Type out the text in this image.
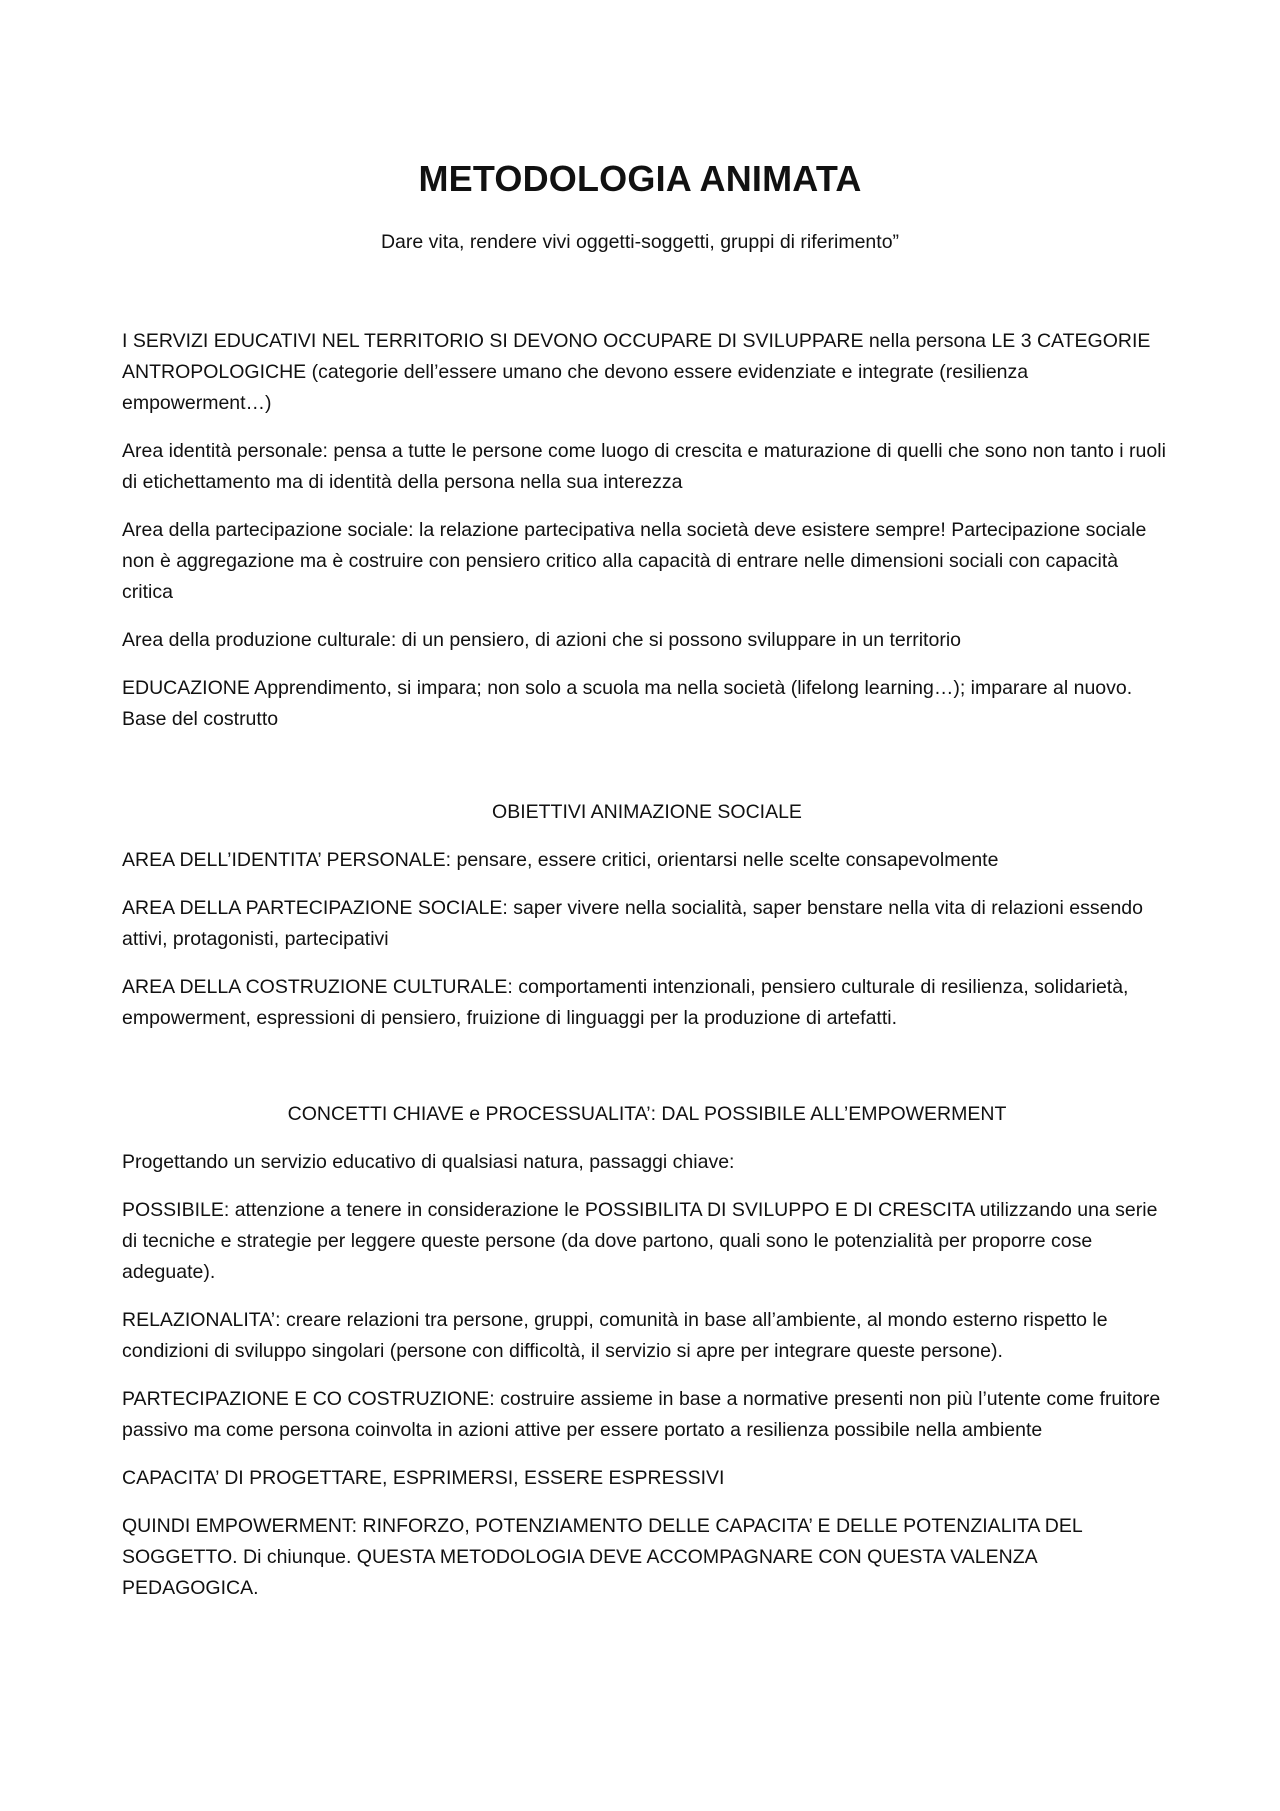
METODOLOGIA ANIMATA

Dare vita, rendere vivi oggetti-soggetti, gruppi di riferimento”

I SERVIZI EDUCATIVI NEL TERRITORIO SI DEVONO OCCUPARE DI SVILUPPARE nella persona LE 3 CATEGORIE ANTROPOLOGICHE (categorie dell’essere umano che devono essere evidenziate e integrate (resilienza empowerment…)

Area identità personale: pensa a tutte le persone come luogo di crescita e maturazione di quelli che sono non tanto i ruoli di etichettamento ma di identità della persona nella sua interezza

Area della partecipazione sociale: la relazione partecipativa nella società deve esistere sempre! Partecipazione sociale non è aggregazione ma è costruire con pensiero critico alla capacità di entrare nelle dimensioni sociali con capacità critica

Area della produzione culturale: di un pensiero, di azioni che si possono sviluppare in un territorio

EDUCAZIONE Apprendimento, si impara; non solo a scuola ma nella società (lifelong learning…); imparare al nuovo. Base del costrutto

OBIETTIVI ANIMAZIONE SOCIALE

AREA DELL’IDENTITA’ PERSONALE: pensare, essere critici, orientarsi nelle scelte consapevolmente

AREA DELLA PARTECIPAZIONE SOCIALE: saper vivere nella socialità, saper benstare nella vita di relazioni essendo attivi, protagonisti, partecipativi

AREA DELLA COSTRUZIONE CULTURALE: comportamenti intenzionali, pensiero culturale di resilienza, solidarietà, empowerment, espressioni di pensiero, fruizione di linguaggi per la produzione di artefatti.

CONCETTI CHIAVE e PROCESSUALITA’: DAL POSSIBILE ALL’EMPOWERMENT

Progettando un servizio educativo di qualsiasi natura, passaggi chiave:

POSSIBILE: attenzione a tenere in considerazione le POSSIBILITA DI SVILUPPO E DI CRESCITA utilizzando una serie di tecniche e strategie per leggere queste persone (da dove partono, quali sono le potenzialità per proporre cose adeguate).

RELAZIONALITA’: creare relazioni tra persone, gruppi, comunità in base all’ambiente, al mondo esterno rispetto le condizioni di sviluppo singolari (persone con difficoltà, il servizio si apre per integrare queste persone).

PARTECIPAZIONE E CO COSTRUZIONE: costruire assieme in base a normative presenti non più l’utente come fruitore passivo ma come persona coinvolta in azioni attive per essere portato a resilienza possibile nella ambiente

CAPACITA’ DI PROGETTARE, ESPRIMERSI, ESSERE ESPRESSIVI

QUINDI EMPOWERMENT: RINFORZO, POTENZIAMENTO DELLE CAPACITA’ E DELLE POTENZIALITA DEL SOGGETTO. Di chiunque. QUESTA METODOLOGIA DEVE ACCOMPAGNARE CON QUESTA VALENZA PEDAGOGICA.
